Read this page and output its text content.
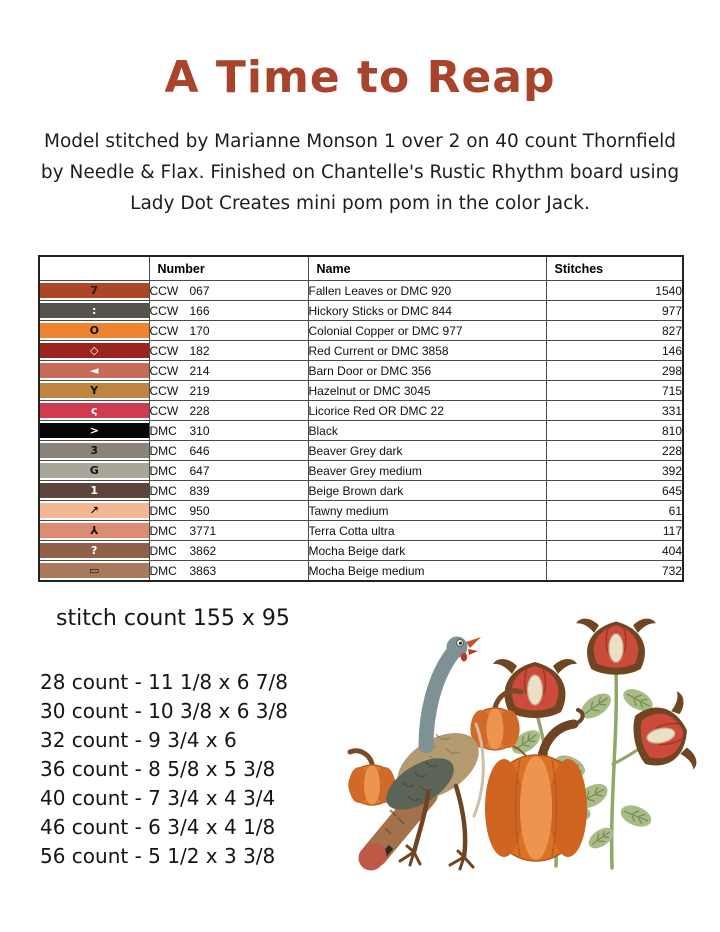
A Time to Reap
Model stitched by Marianne Monson 1 over 2 on 40 count Thornfield
by Needle & Flax. Finished on Chantelle's Rustic Rhythm board using
Lady Dot Creates mini pom pom in the color Jack.
	Number	Name	Stitches

7	CCW 067	Fallen Leaves or DMC 920	1540

:	CCW 166	Hickory Sticks or DMC 844	977

O	CCW 170	Colonial Copper or DMC 977	827

◇	CCW 182	Red Current or DMC 3858	146

◄	CCW 214	Barn Door or DMC 356	298

Y	CCW 219	Hazelnut or DMC 3045	715

ς	CCW 228	Licorice Red OR DMC 22	331

>	DMC 310	Black	810

3	DMC 646	Beaver Grey dark	228

G	DMC 647	Beaver Grey medium	392

1	DMC 839	Beige Brown dark	645

↗	DMC 950	Tawny medium	61

⅄	DMC 3771	Terra Cotta ultra	117

?	DMC 3862	Mocha Beige dark	404

▭	DMC 3863	Mocha Beige medium	732
stitch count 155 x 95
28 count - 11 1/8 x 6 7/8
30 count - 10 3/8 x 6 3/8
32 count - 9 3/4 x 6
36 count - 8 5/8 x 5 3/8
40 count - 7 3/4 x 4 3/4
46 count - 6 3/4 x 4 1/8
56 count - 5 1/2 x 3 3/8
